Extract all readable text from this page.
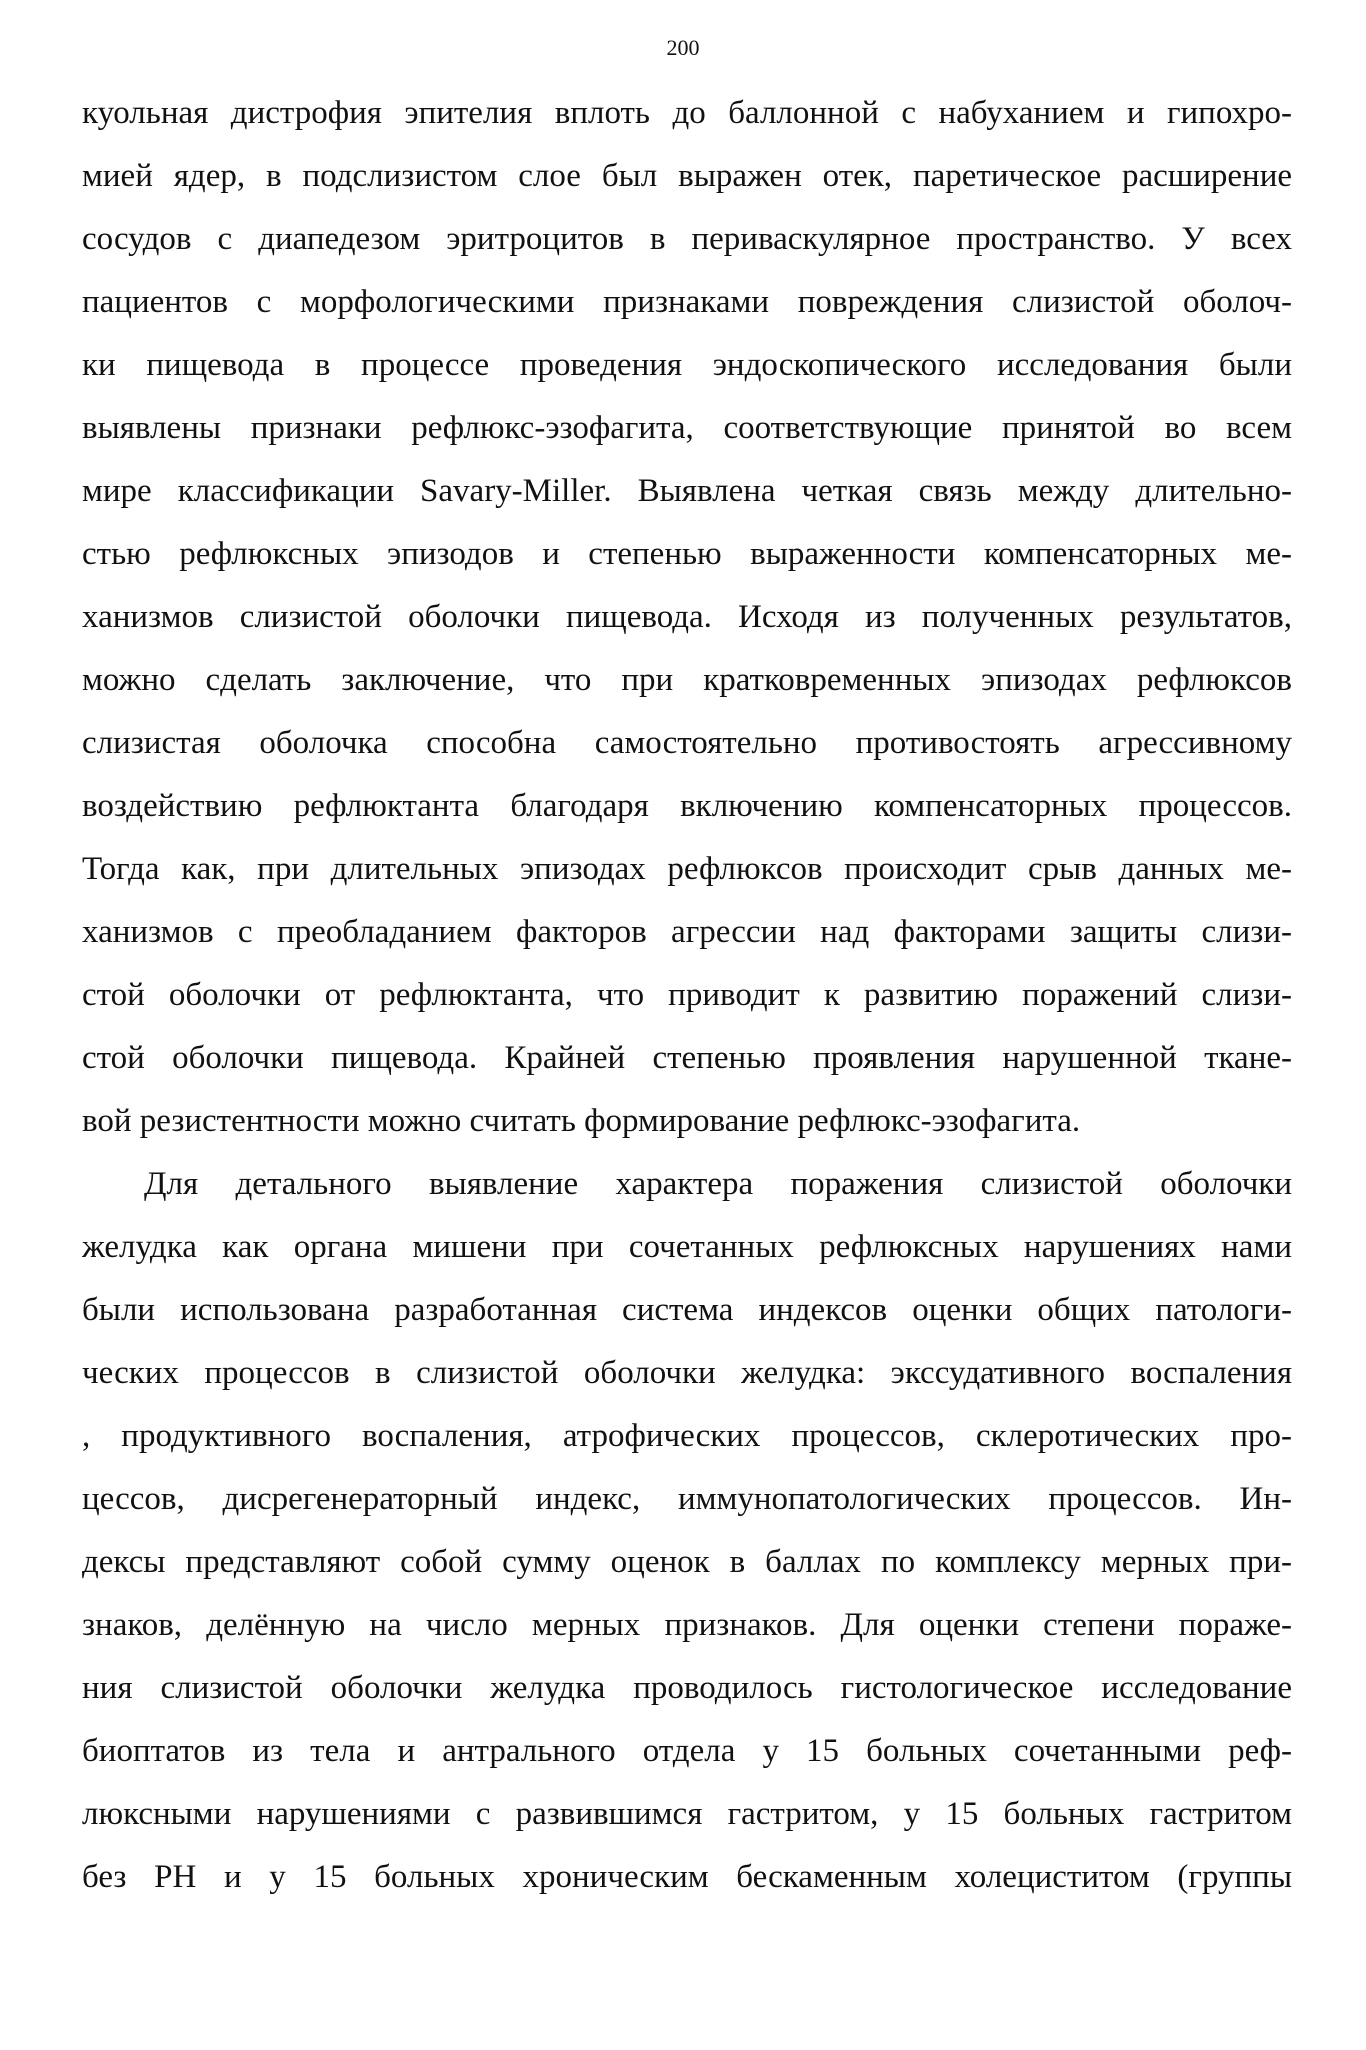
200
куольная дистрофия эпителия вплоть до баллонной с набуханием и гипохро-
мией ядер, в подслизистом слое был выражен отек, паретическое расширение
сосудов с диапедезом эритроцитов в периваскулярное пространство. У всех
пациентов с морфологическими признаками повреждения слизистой оболоч-
ки пищевода в процессе проведения эндоскопического исследования были
выявлены признаки рефлюкс-эзофагита, соответствующие принятой во всем
мире классификации Savary-Miller. Выявлена четкая связь между длительно-
стью рефлюксных эпизодов и степенью выраженности компенсаторных ме-
ханизмов слизистой оболочки пищевода. Исходя из полученных результатов,
можно сделать заключение, что при кратковременных эпизодах рефлюксов
слизистая оболочка способна самостоятельно противостоять агрессивному
воздействию рефлюктанта благодаря включению компенсаторных процессов.
Тогда как, при длительных эпизодах рефлюксов происходит срыв данных ме-
ханизмов с преобладанием факторов агрессии над факторами защиты слизи-
стой оболочки от рефлюктанта, что приводит к развитию поражений слизи-
стой оболочки пищевода. Крайней степенью проявления нарушенной ткане-
вой резистентности можно считать формирование рефлюкс-эзофагита.
Для детального выявление характера поражения слизистой оболочки
желудка как органа мишени при сочетанных рефлюксных нарушениях нами
были использована разработанная система индексов оценки общих патологи-
ческих процессов в слизистой оболочки желудка: экссудативного воспаления
, продуктивного воспаления, атрофических процессов, склеротических про-
цессов, дисрегенераторный индекс, иммунопатологических процессов. Ин-
дексы представляют собой сумму оценок в баллах по комплексу мерных при-
знаков, делённую на число мерных признаков. Для оценки степени пораже-
ния слизистой оболочки желудка проводилось гистологическое исследование
биоптатов из тела и антрального отдела у 15 больных сочетанными реф-
люксными нарушениями с развившимся гастритом, у 15 больных гастритом
без РН и у 15 больных хроническим бескаменным холециститом (группы
